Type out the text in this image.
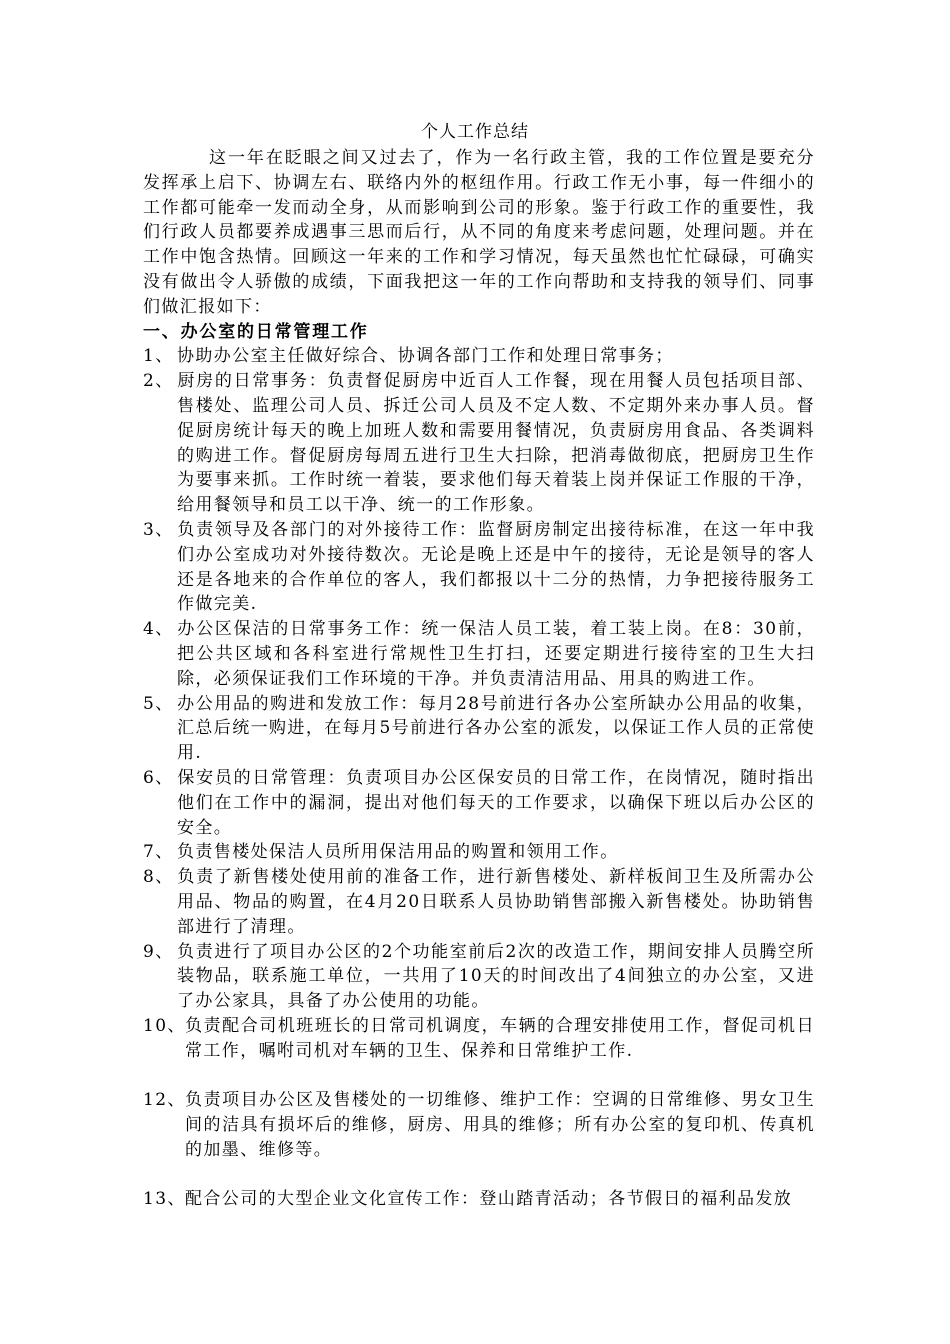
个人工作总结

这一年在眨眼之间又过去了，作为一名行政主管，我的工作位置是要充分发挥承上启下、协调左右、联络内外的枢纽作用。行政工作无小事，每一件细小的工作都可能牵一发而动全身，从而影响到公司的形象。鉴于行政工作的重要性，我们行政人员都要养成遇事三思而后行，从不同的角度来考虑问题，处理问题。并在工作中饱含热情。回顾这一年来的工作和学习情况，每天虽然也忙忙碌碌，可确实没有做出令人骄傲的成绩，下面我把这一年的工作向帮助和支持我的领导们、同事们做汇报如下：

一、办公室的日常管理工作

1、 协助办公室主任做好综合、协调各部门工作和处理日常事务；

2、 厨房的日常事务：负责督促厨房中近百人工作餐，现在用餐人员包括项目部、售楼处、监理公司人员、拆迁公司人员及不定人数、不定期外来办事人员。督促厨房统计每天的晚上加班人数和需要用餐情况，负责厨房用食品、各类调料的购进工作。督促厨房每周五进行卫生大扫除，把消毒做彻底，把厨房卫生作为要事来抓。工作时统一着装，要求他们每天着装上岗并保证工作服的干净，给用餐领导和员工以干净、统一的工作形象。

3、 负责领导及各部门的对外接待工作：监督厨房制定出接待标准，在这一年中我们办公室成功对外接待数次。无论是晚上还是中午的接待，无论是领导的客人还是各地来的合作单位的客人，我们都报以十二分的热情，力争把接待服务工作做完美.

4、 办公区保洁的日常事务工作：统一保洁人员工装，着工装上岗。在8：30前，把公共区域和各科室进行常规性卫生打扫，还要定期进行接待室的卫生大扫除，必须保证我们工作环境的干净。并负责清洁用品、用具的购进工作。

5、 办公用品的购进和发放工作：每月28号前进行各办公室所缺办公用品的收集，汇总后统一购进，在每月5号前进行各办公室的派发，以保证工作人员的正常使用.

6、 保安员的日常管理：负责项目办公区保安员的日常工作，在岗情况，随时指出他们在工作中的漏洞，提出对他们每天的工作要求，以确保下班以后办公区的安全。

7、 负责售楼处保洁人员所用保洁用品的购置和领用工作。

8、 负责了新售楼处使用前的准备工作，进行新售楼处、新样板间卫生及所需办公用品、物品的购置，在4月20日联系人员协助销售部搬入新售楼处。协助销售部进行了清理。

9、 负责进行了项目办公区的2个功能室前后2次的改造工作，期间安排人员腾空所装物品，联系施工单位，一共用了10天的时间改出了4间独立的办公室，又进了办公家具，具备了办公使用的功能。

10、负责配合司机班班长的日常司机调度，车辆的合理安排使用工作，督促司机日常工作，嘱咐司机对车辆的卫生、保养和日常维护工作.

12、负责项目办公区及售楼处的一切维修、维护工作：空调的日常维修、男女卫生间的洁具有损坏后的维修，厨房、用具的维修；所有办公室的复印机、传真机的加墨、维修等。

13、配合公司的大型企业文化宣传工作：登山踏青活动；各节假日的福利品发放
